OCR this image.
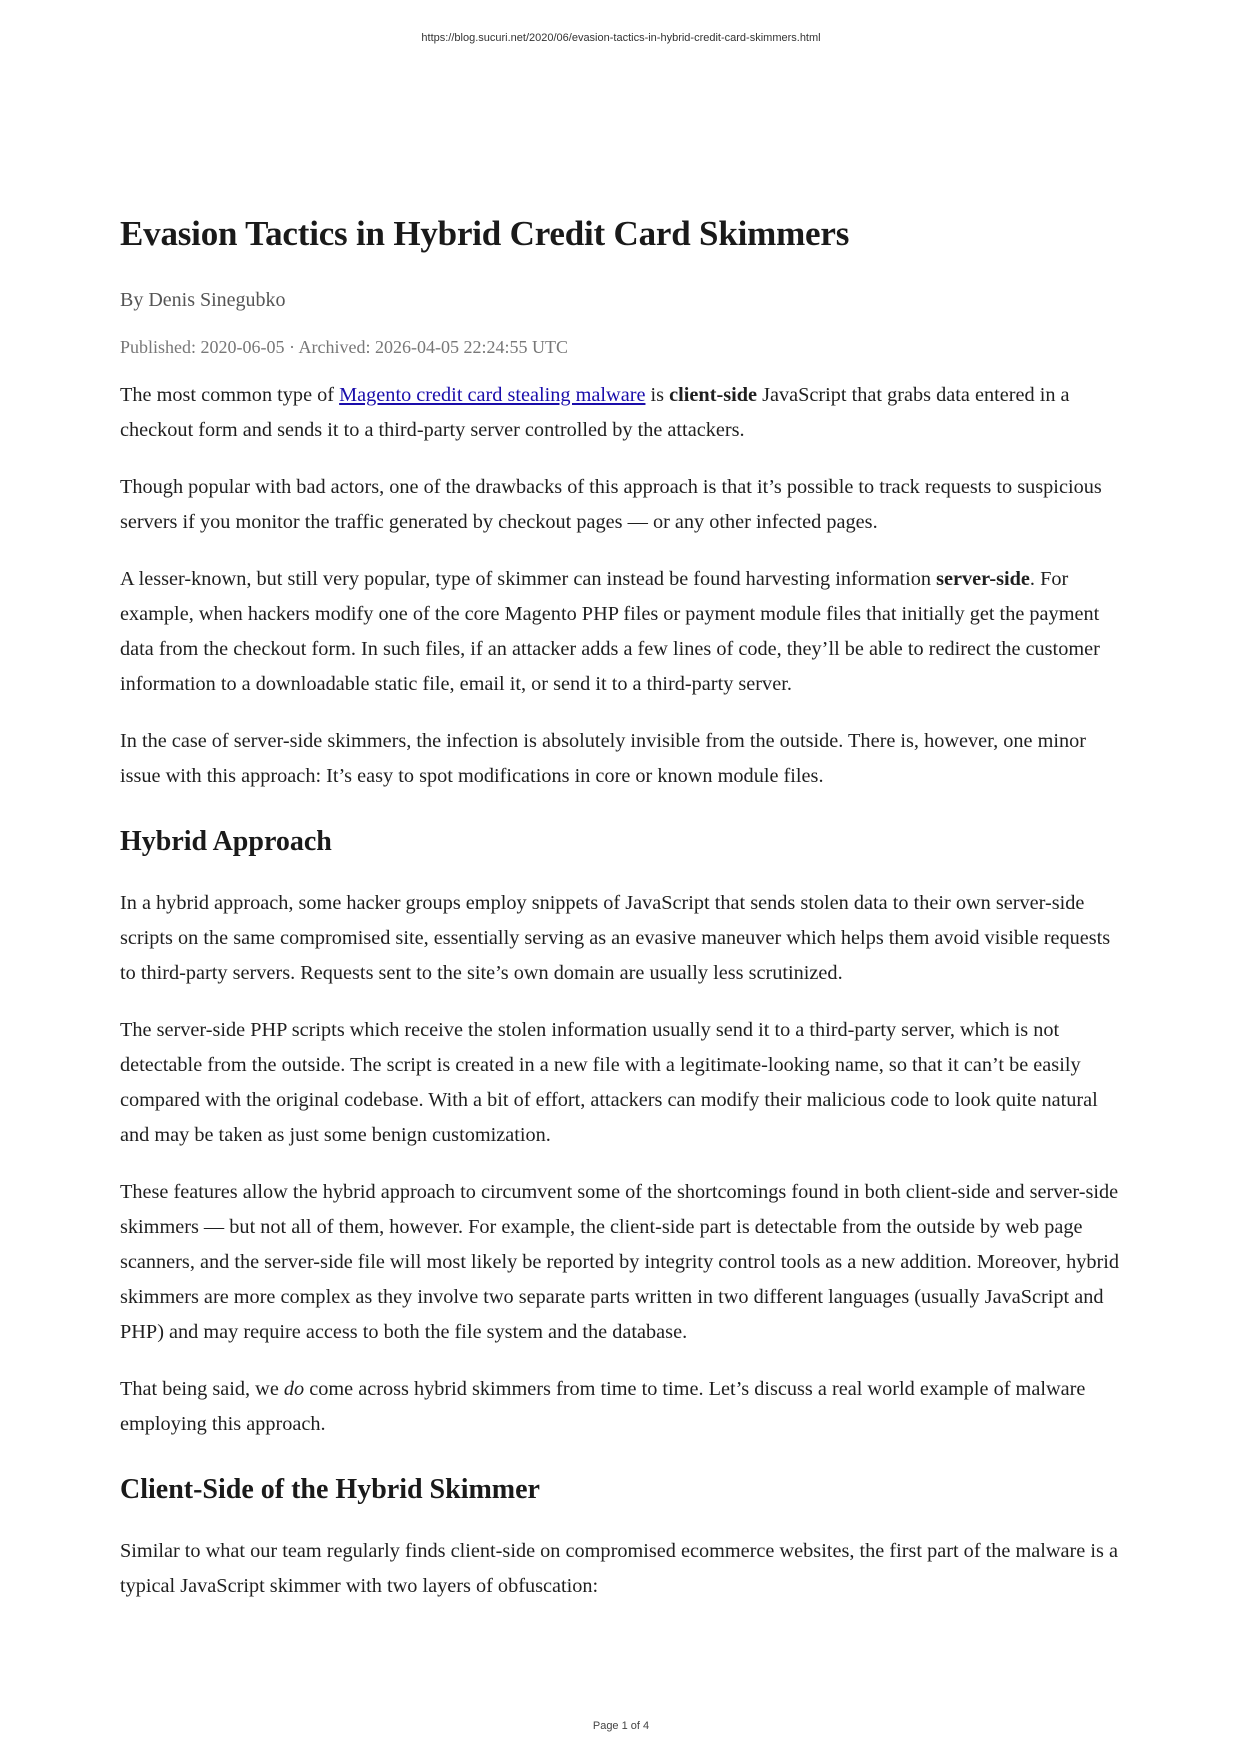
https://blog.sucuri.net/2020/06/evasion-tactics-in-hybrid-credit-card-skimmers.html
Evasion Tactics in Hybrid Credit Card Skimmers
By Denis Sinegubko
Published: 2020-06-05 · Archived: 2026-04-05 22:24:55 UTC

The most common type of Magento credit card stealing malware is client-side JavaScript that grabs data entered in a checkout form and sends it to a third-party server controlled by the attackers.

Though popular with bad actors, one of the drawbacks of this approach is that it’s possible to track requests to suspicious servers if you monitor the traffic generated by checkout pages — or any other infected pages.

A lesser-known, but still very popular, type of skimmer can instead be found harvesting information server-side. For example, when hackers modify one of the core Magento PHP files or payment module files that initially get the payment data from the checkout form. In such files, if an attacker adds a few lines of code, they’ll be able to redirect the customer information to a downloadable static file, email it, or send it to a third-party server.

In the case of server-side skimmers, the infection is absolutely invisible from the outside. There is, however, one minor issue with this approach: It’s easy to spot modifications in core or known module files.

Hybrid Approach

In a hybrid approach, some hacker groups employ snippets of JavaScript that sends stolen data to their own server-side scripts on the same compromised site, essentially serving as an evasive maneuver which helps them avoid visible requests to third-party servers. Requests sent to the site’s own domain are usually less scrutinized.

The server-side PHP scripts which receive the stolen information usually send it to a third-party server, which is not detectable from the outside. The script is created in a new file with a legitimate-looking name, so that it can’t be easily compared with the original codebase. With a bit of effort, attackers can modify their malicious code to look quite natural and may be taken as just some benign customization.

These features allow the hybrid approach to circumvent some of the shortcomings found in both client-side and server-side skimmers — but not all of them, however. For example, the client-side part is detectable from the outside by web page scanners, and the server-side file will most likely be reported by integrity control tools as a new addition. Moreover, hybrid skimmers are more complex as they involve two separate parts written in two different languages (usually JavaScript and PHP) and may require access to both the file system and the database.

That being said, we do come across hybrid skimmers from time to time. Let’s discuss a real world example of malware employing this approach.

Client-Side of the Hybrid Skimmer

Similar to what our team regularly finds client-side on compromised ecommerce websites, the first part of the malware is a typical JavaScript skimmer with two layers of obfuscation:

Page 1 of 4
